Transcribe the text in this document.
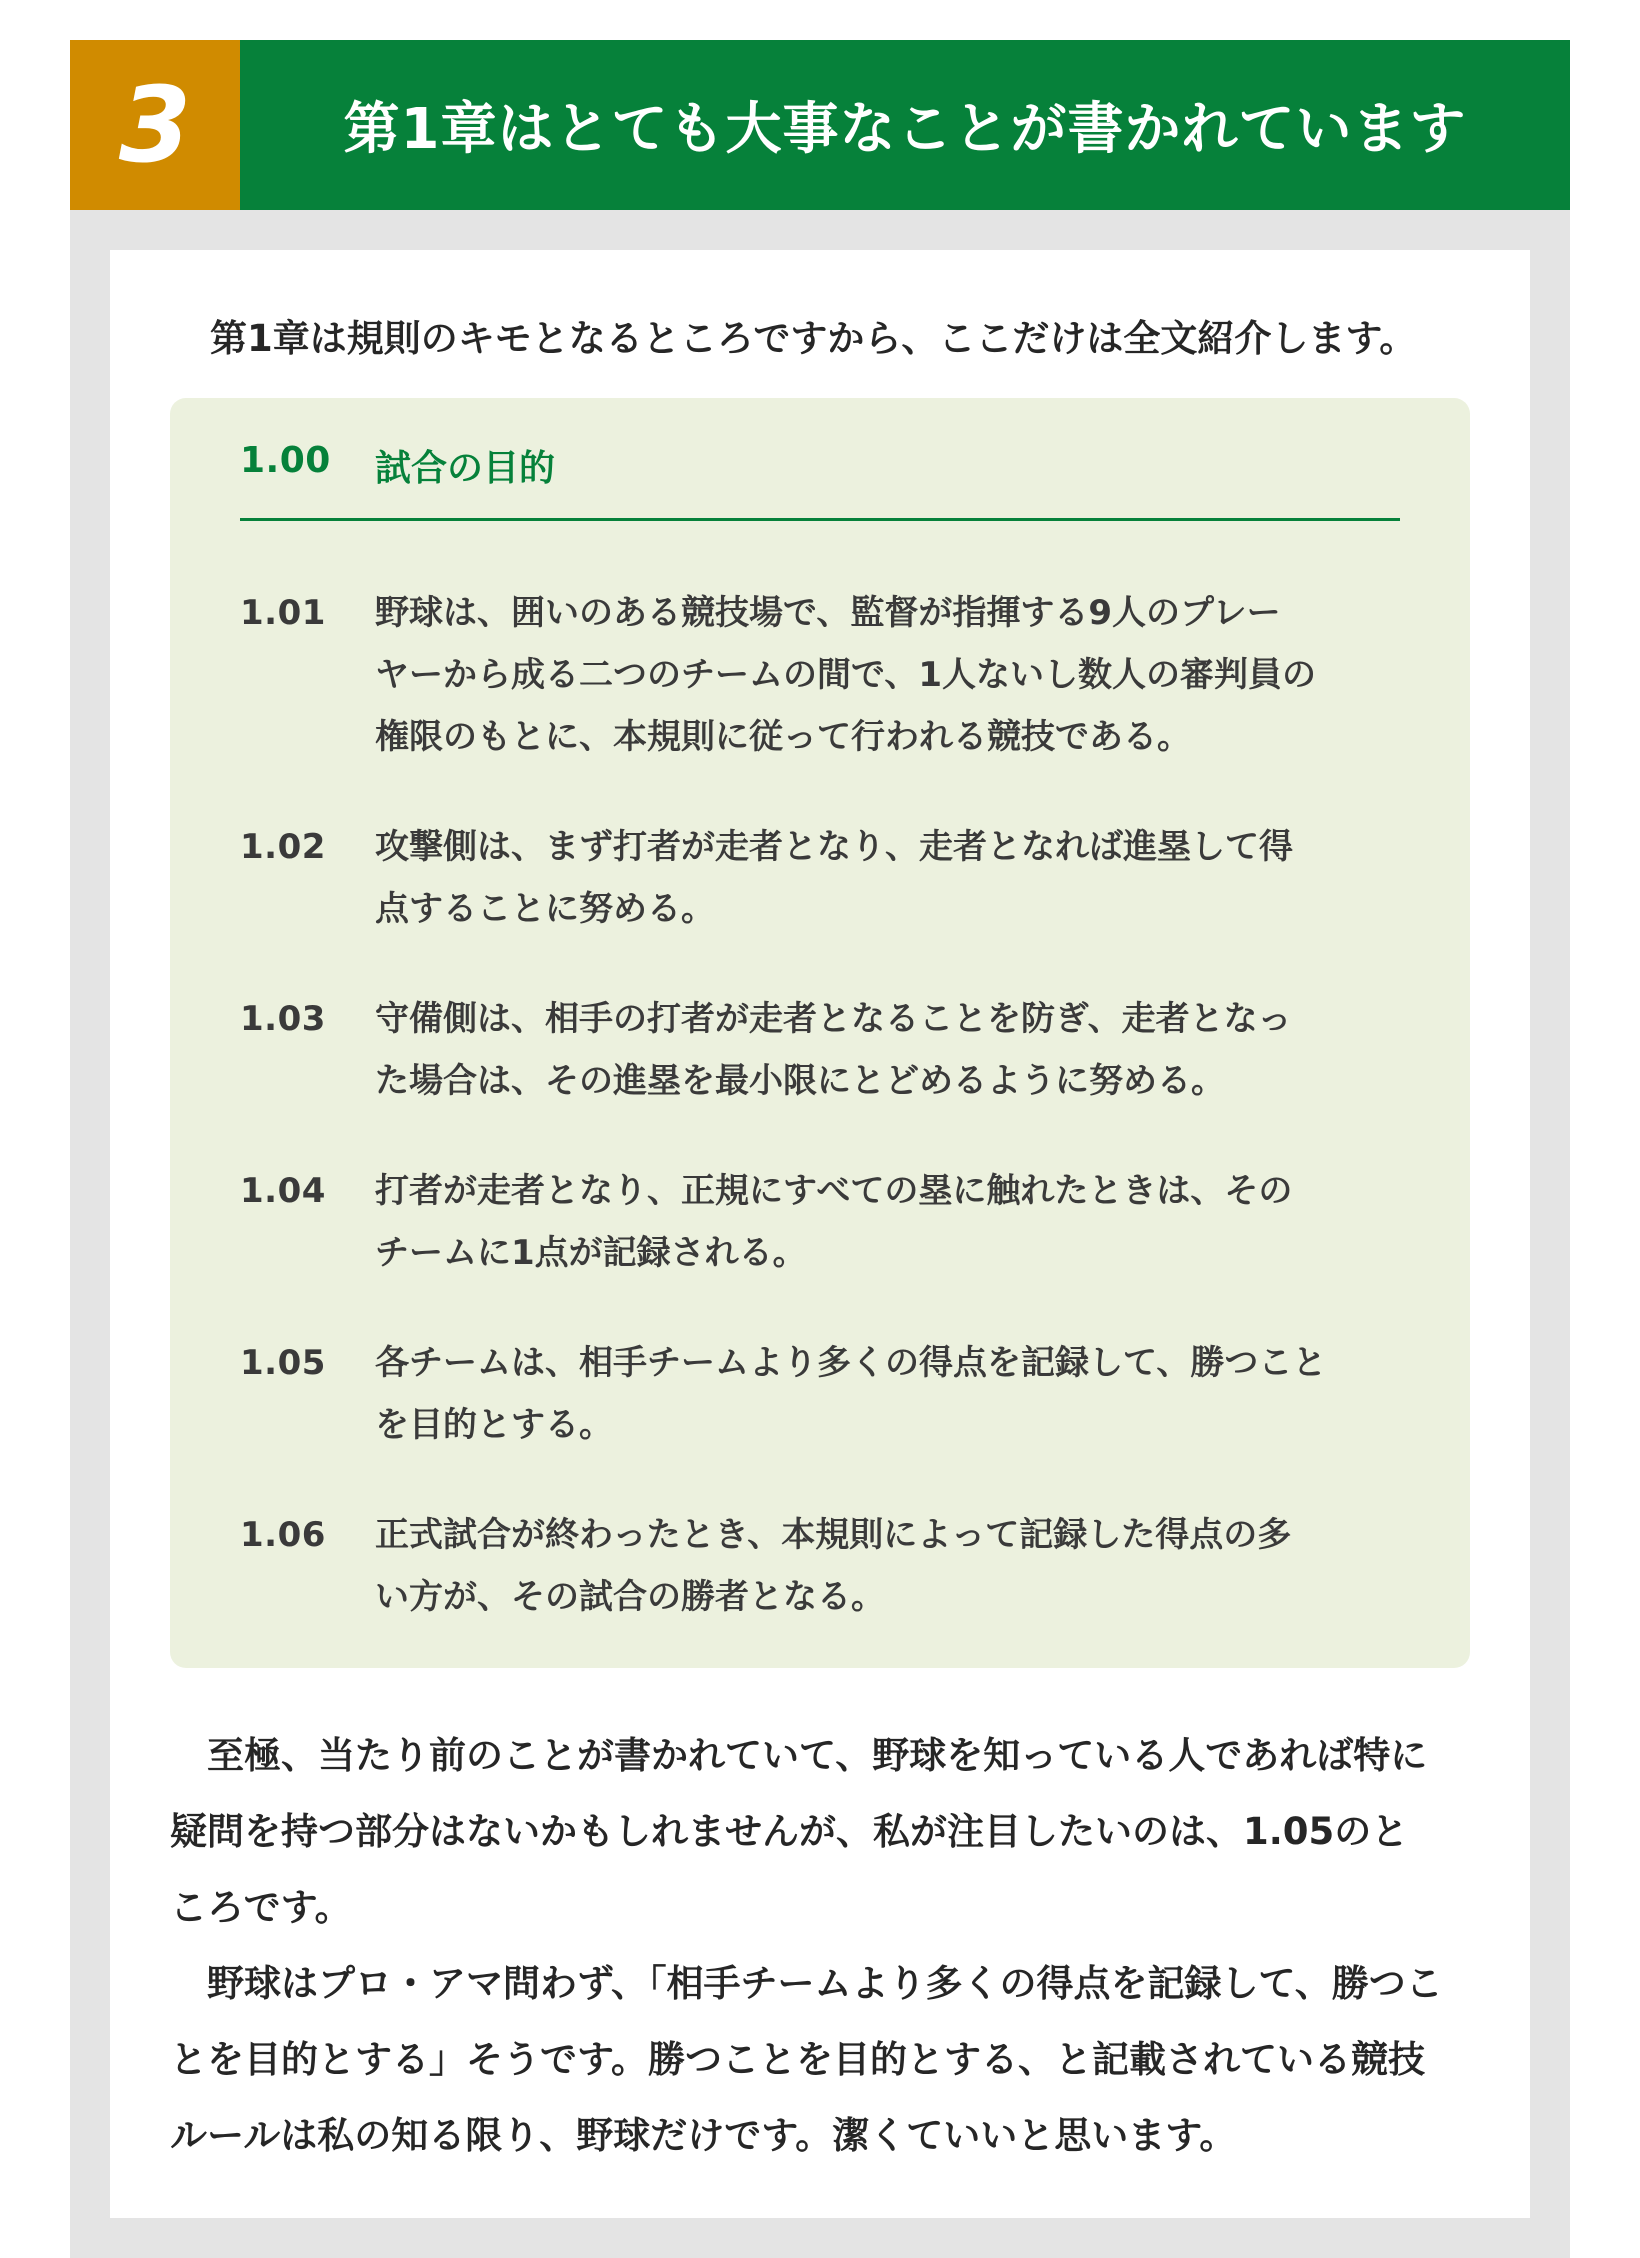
3	第1章はとても大事なことが書かれています
第1章は規則のキモとなるところですから、ここだけは全文紹介します。
1.00	試合の目的
1.01	野球は、囲いのある競技場で、監督が指揮する9人のプレー
ヤーから成る二つのチームの間で、1人ないし数人の審判員の
権限のもとに、本規則に従って行われる競技である。
1.02	攻撃側は、まず打者が走者となり、走者となれば進塁して得
点することに努める。
1.03	守備側は、相手の打者が走者となることを防ぎ、走者となっ
た場合は、その進塁を最小限にとどめるように努める。
1.04	打者が走者となり、正規にすべての塁に触れたときは、その
チームに1点が記録される。
1.05	各チームは、相手チームより多くの得点を記録して、勝つこと
を目的とする。
1.06	正式試合が終わったとき、本規則によって記録した得点の多
い方が、その試合の勝者となる。

　至極、当たり前のことが書かれていて、野球を知っている人であれば特に
疑問を持つ部分はないかもしれませんが、私が注目したいのは、1.05のと
ころです。

　野球はプロ・アマ問わず、「相手チームより多くの得点を記録して、勝つこ
とを目的とする」そうです。勝つことを目的とする、と記載されている競技
ルールは私の知る限り、野球だけです。潔くていいと思います。
